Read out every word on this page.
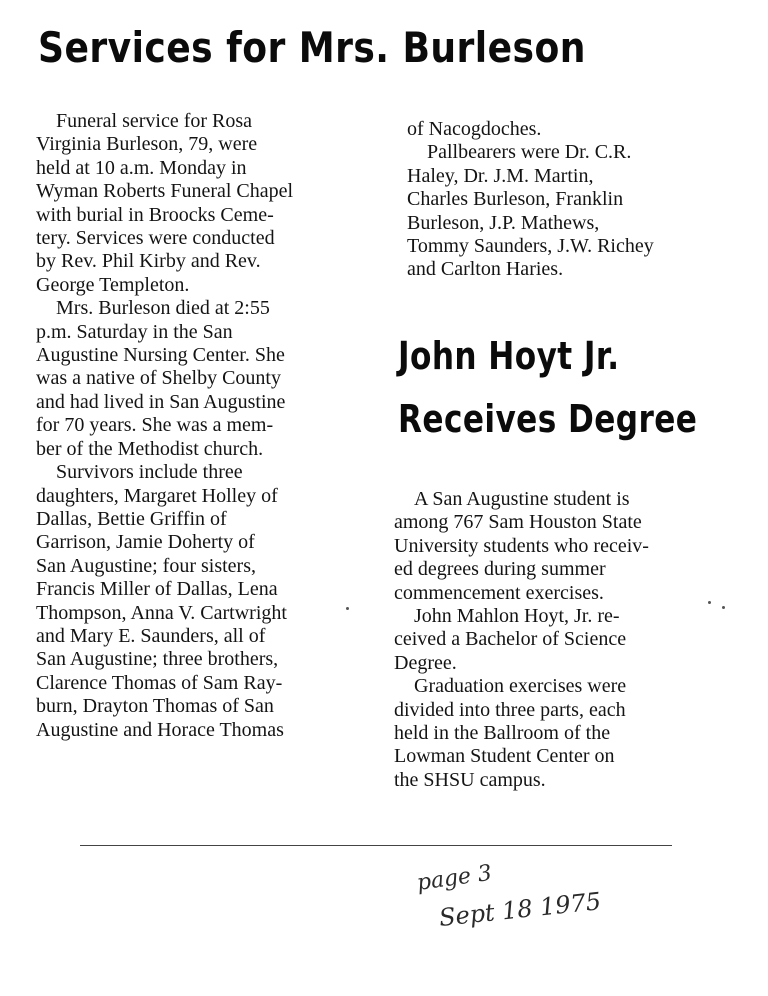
Services for Mrs. Burleson
 Funeral service for Rosa
Virginia Burleson, 79, were
held at 10 a.m. Monday in
Wyman Roberts Funeral Chapel
with burial in Broocks Ceme-
tery. Services were conducted
by Rev. Phil Kirby and Rev.
George Templeton.
 Mrs. Burleson died at 2:55
p.m. Saturday in the San
Augustine Nursing Center. She
was a native of Shelby County
and had lived in San Augustine
for 70 years. She was a mem-
ber of the Methodist church.
 Survivors include three
daughters, Margaret Holley of
Dallas, Bettie Griffin of
Garrison, Jamie Doherty of
San Augustine; four sisters,
Francis Miller of Dallas, Lena
Thompson, Anna V. Cartwright
and Mary E. Saunders, all of
San Augustine; three brothers,
Clarence Thomas of Sam Ray-
burn, Drayton Thomas of San
Augustine and Horace Thomas
of Nacogdoches.
 Pallbearers were Dr. C.R.
Haley, Dr. J.M. Martin,
Charles Burleson, Franklin
Burleson, J.P. Mathews,
Tommy Saunders, J.W. Richey
and Carlton Haries.
John Hoyt Jr.
Receives Degree
 A San Augustine student is
among 767 Sam Houston State
University students who receiv-
ed degrees during summer
commencement exercises.
 John Mahlon Hoyt, Jr. re-
ceived a Bachelor of Science
Degree.
 Graduation exercises were
divided into three parts, each
held in the Ballroom of the
Lowman Student Center on
the SHSU campus.
page 3
Sept 18 1975
